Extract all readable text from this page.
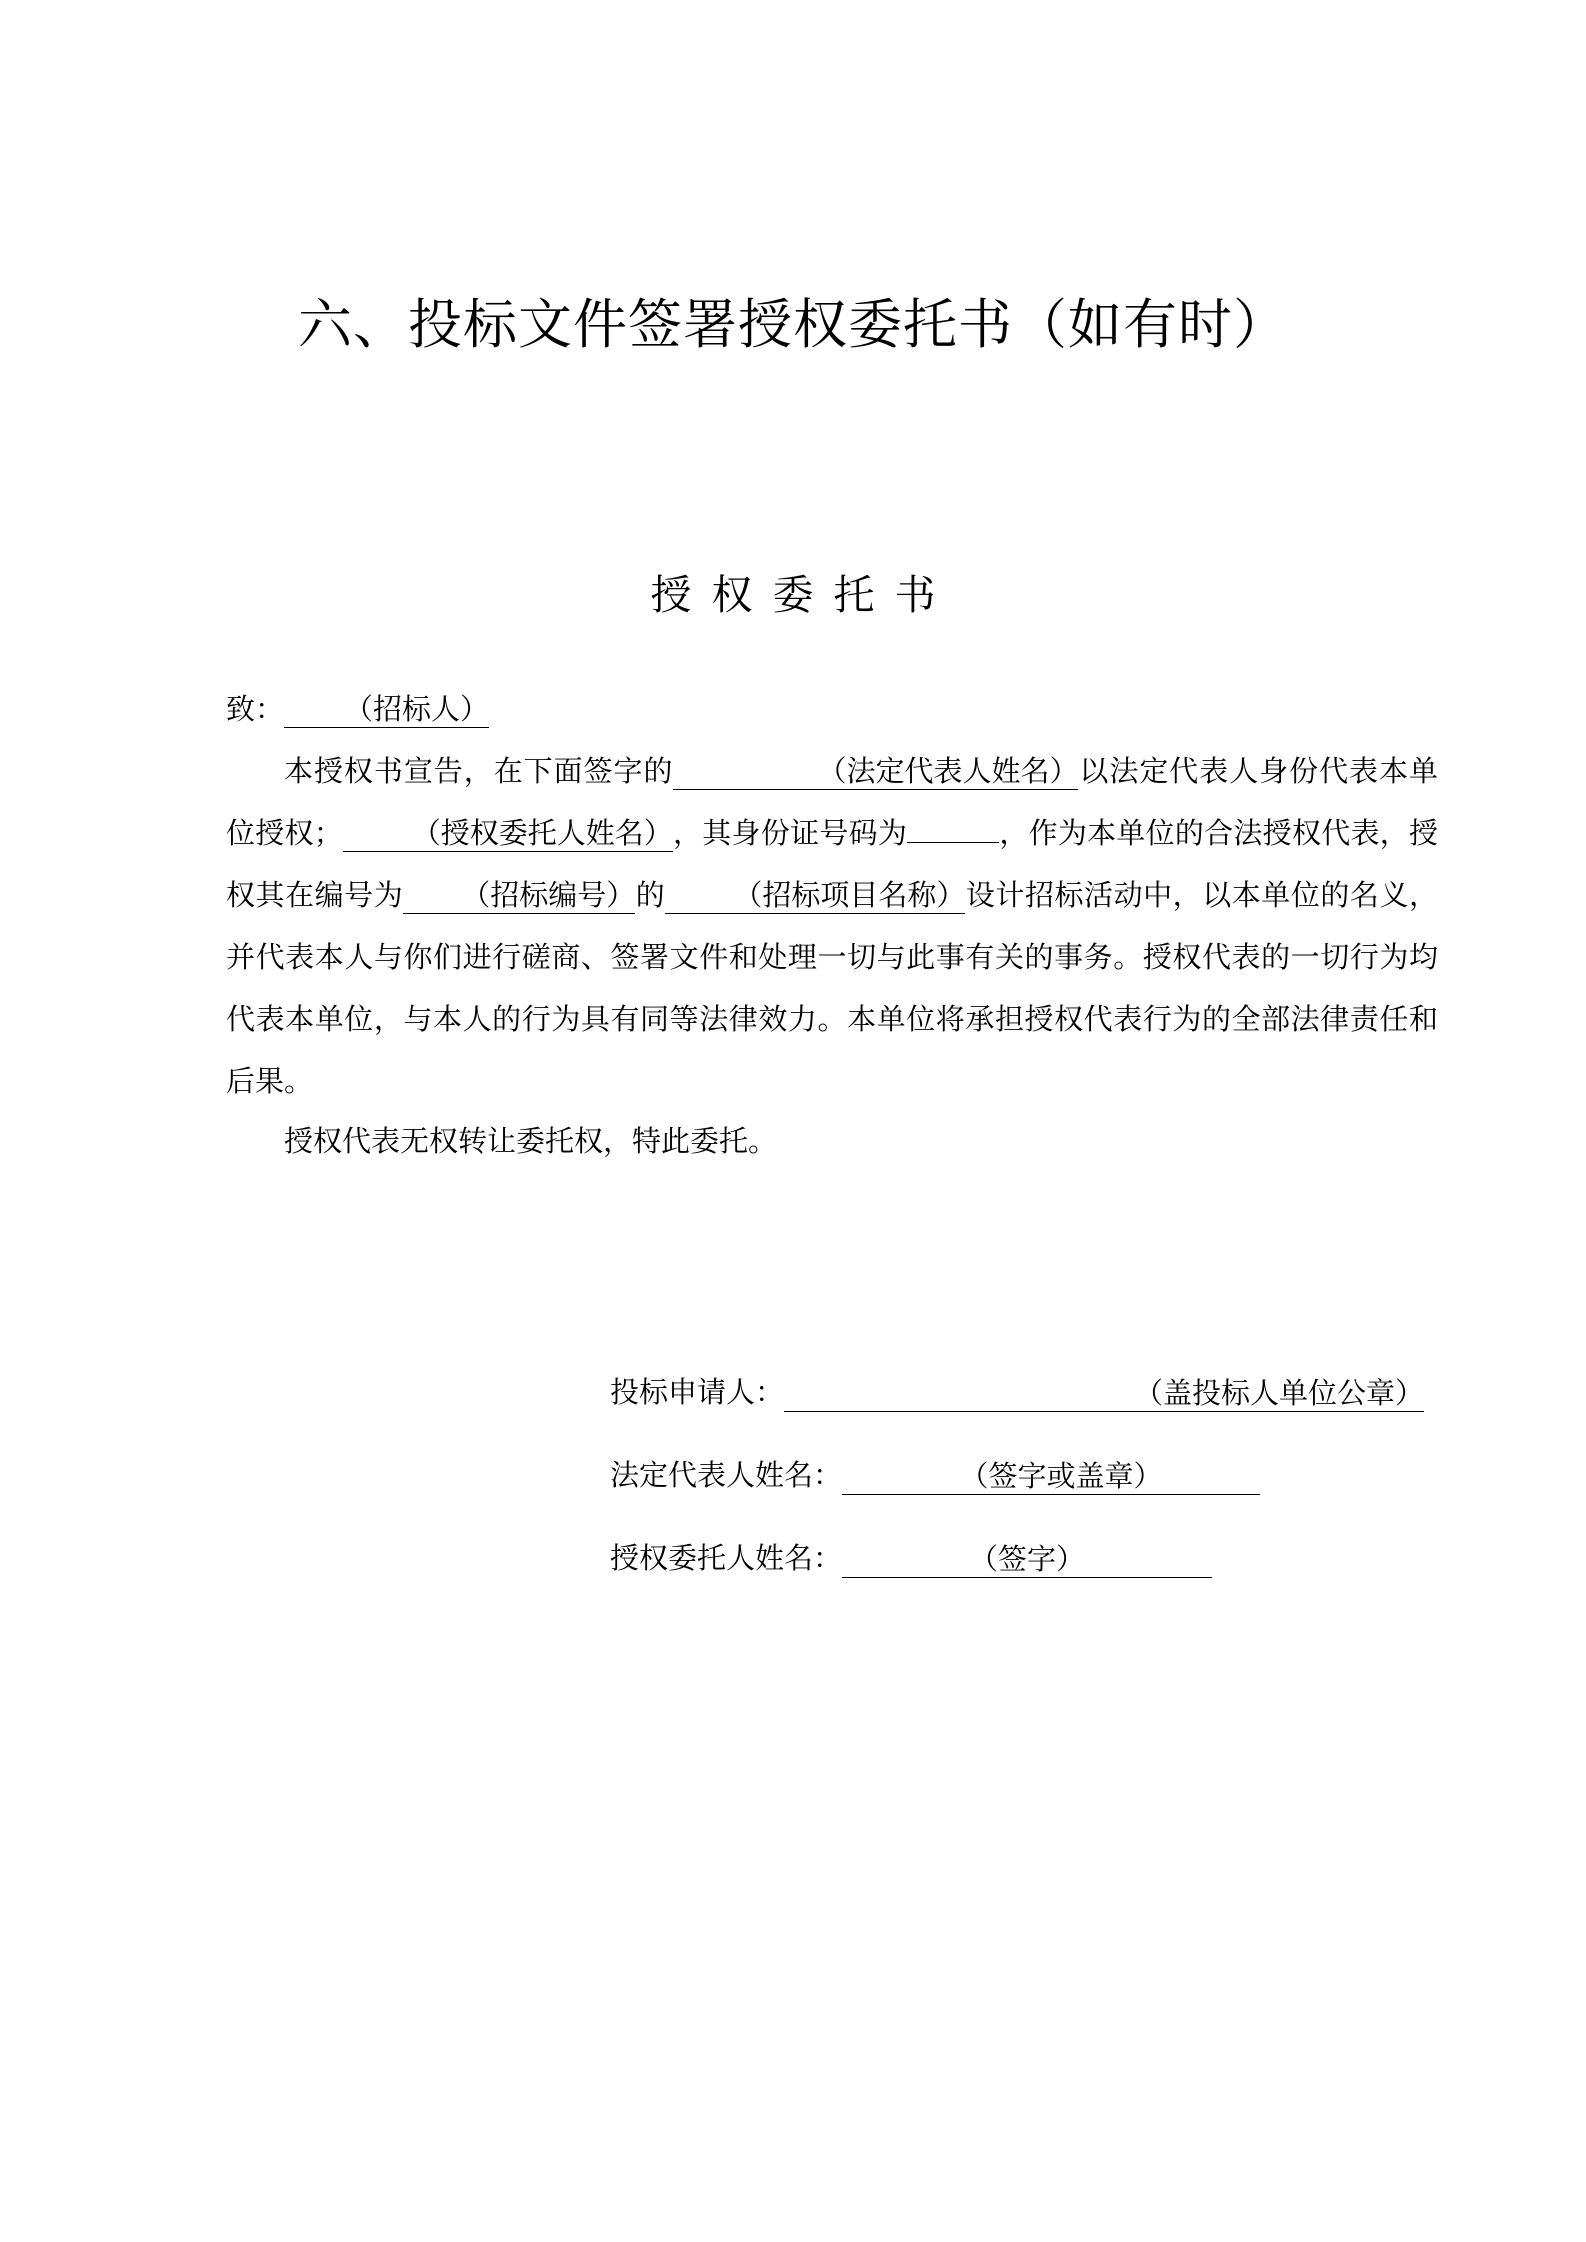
六、投标文件签署授权委托书（如有时）
授权委托书
致： （招标人）
本授权书宣告，在下面签字的	（法定代表人姓名）以法定代表人身份代表本单位授权； （授权委托人姓名），其身份证号码为	，作为本单位的合法授权代表，授权其在编号为 （招标编号）的 （招标项目名称）设计招标活动中，以本单位的名义，并代表本人与你们进行磋商、签署文件和处理一切与此事有关的事务。授权代表的一切行为均代表本单位，与本人的行为具有同等法律效力。本单位将承担授权代表行为的全部法律责任和后果。
授权代表无权转让委托权，特此委托。
投标申请人：	（盖投标人单位公章）
法定代表人姓名：	（签字或盖章）
授权委托人姓名：	（签字）
